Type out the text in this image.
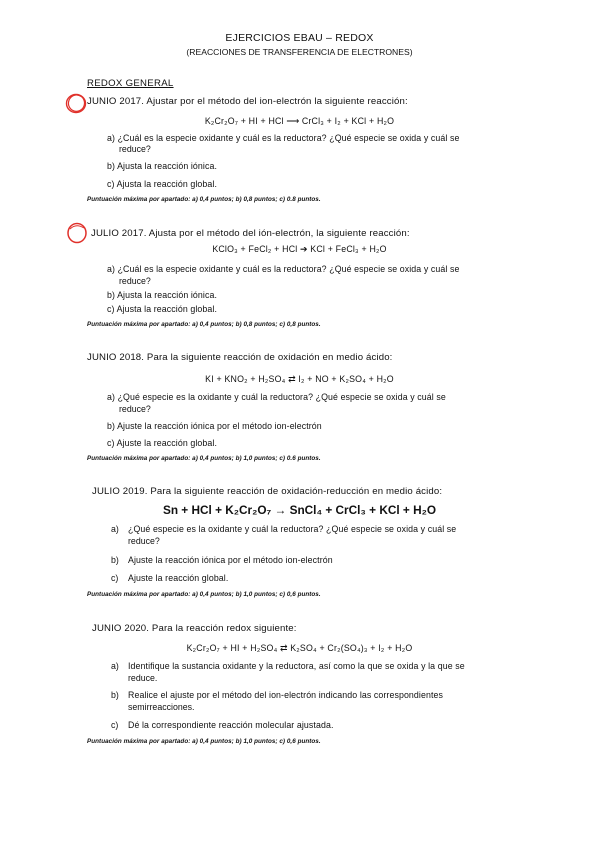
EJERCICIOS EBAU – REDOX
(REACCIONES DE TRANSFERENCIA DE ELECTRONES)
REDOX GENERAL
JUNIO 2017. Ajustar por el método del ion-electrón la siguiente reacción:
K₂Cr₂O₇ + HI + HCl ⟶ CrCl₃ + I₂ + KCl + H₂O
a) ¿Cuál es la especie oxidante y cuál es la reductora? ¿Qué especie se oxida y cuál se
reduce?
b) Ajusta la reacción iónica.
c) Ajusta la reacción global.
Puntuación máxima por apartado: a) 0,4 puntos; b) 0,8 puntos; c) 0.8 puntos.
JULIO 2017. Ajusta por el método del ión-electrón, la siguiente reacción:
KClO₃ + FeCl₂ + HCl ➔ KCl + FeCl₃ + H₂O
a) ¿Cuál es la especie oxidante y cuál es la reductora? ¿Qué especie se oxida y cuál se
reduce?
b) Ajusta la reacción iónica.
c) Ajusta la reacción global.
Puntuación máxima por apartado: a) 0,4 puntos; b) 0,8 puntos; c) 0,8 puntos.
JUNIO 2018. Para la siguiente reacción de oxidación en medio ácido:
KI + KNO₂ + H₂SO₄ ⇄ I₂ + NO + K₂SO₄ + H₂O
a) ¿Qué especie es la oxidante y cuál la reductora? ¿Qué especie se oxida y cuál se
reduce?
b) Ajuste la reacción iónica por el método ion-electrón
c) Ajuste la reacción global.
Puntuación máxima por apartado: a) 0,4 puntos; b) 1,0 puntos; c) 0.6 puntos.
JULIO 2019. Para la siguiente reacción de oxidación-reducción en medio ácido:
Sn + HCl + K₂Cr₂O₇ → SnCl₄ + CrCl₃ + KCl + H₂O
a) ¿Qué especie es la oxidante y cuál la reductora? ¿Qué especie se oxida y cuál se
reduce?
b) Ajuste la reacción iónica por el método ion-electrón
c) Ajuste la reacción global.
Puntuación máxima por apartado: a) 0,4 puntos; b) 1,0 puntos; c) 0,6 puntos.
JUNIO 2020. Para la reacción redox siguiente:
K₂Cr₂O₇ + HI + H₂SO₄ ⇄ K₂SO₄ + Cr₂(SO₄)₃ + I₂ + H₂O
a) Identifique la sustancia oxidante y la reductora, así como la que se oxida y la que se
reduce.
b) Realice el ajuste por el método del ion-electrón indicando las correspondientes
semirreacciones.
c) Dé la correspondiente reacción molecular ajustada.
Puntuación máxima por apartado: a) 0,4 puntos; b) 1,0 puntos; c) 0,6 puntos.
